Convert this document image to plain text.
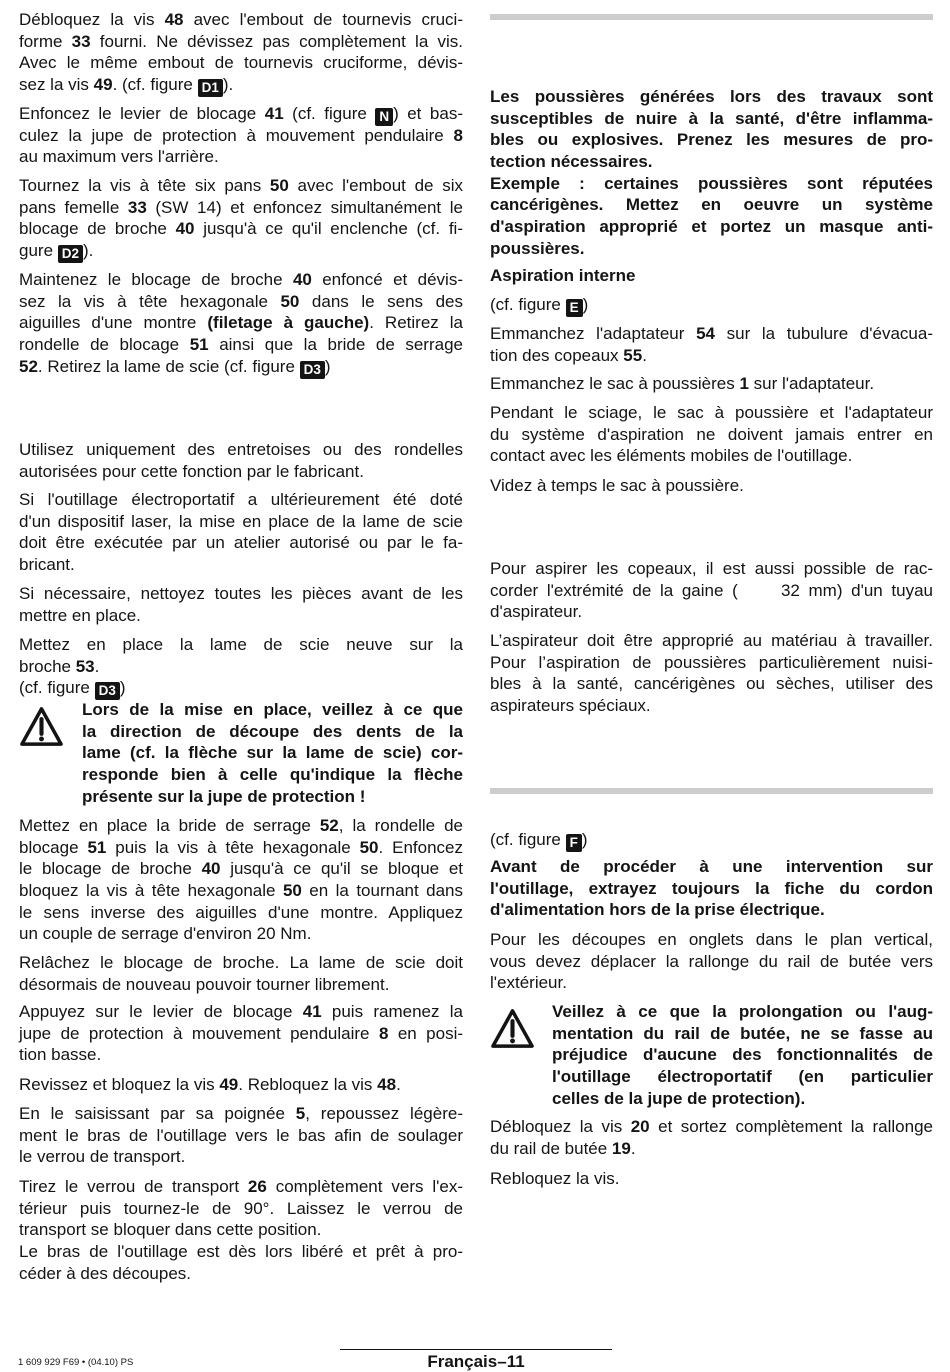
Débloquez la vis 48 avec l'embout de tournevis cruci-
forme 33 fourni. Ne dévissez pas complètement la vis.
Avec le même embout de tournevis cruciforme, dévis-
sez la vis 49. (cf. figure D1 ).
Enfoncez le levier de blocage 41 (cf. figure N ) et bas-
culez la jupe de protection à mouvement pendulaire 8
au maximum vers l'arrière.
Tournez la vis à tête six pans 50 avec l'embout de six
pans femelle 33 (SW 14) et enfoncez simultanément le
blocage de broche 40 jusqu'à ce qu'il enclenche (cf. fi-
gure D2 ).
Maintenez le blocage de broche 40 enfoncé et dévis-
sez la vis à tête hexagonale 50 dans le sens des
aiguilles d'une montre (filetage à gauche). Retirez la
rondelle de blocage 51 ainsi que la bride de serrage
52. Retirez la lame de scie (cf. figure D3 )
Utilisez uniquement des entretoises ou des rondelles
autorisées pour cette fonction par le fabricant.
Si l'outillage électroportatif a ultérieurement été doté
d'un dispositif laser, la mise en place de la lame de scie
doit être exécutée par un atelier autorisé ou par le fa-
bricant.
Si nécessaire, nettoyez toutes les pièces avant de les
mettre en place.
Mettez en place la lame de scie neuve sur la
broche 53.
(cf. figure D3 )
Lors de la mise en place, veillez à ce que
la direction de découpe des dents de la
lame (cf. la flèche sur la lame de scie) cor-
responde bien à celle qu'indique la flèche
présente sur la jupe de protection !
Mettez en place la bride de serrage 52, la rondelle de
blocage 51 puis la vis à tête hexagonale 50. Enfoncez
le blocage de broche 40 jusqu'à ce qu'il se bloque et
bloquez la vis à tête hexagonale 50 en la tournant dans
le sens inverse des aiguilles d'une montre. Appliquez
un couple de serrage d'environ 20 Nm.
Relâchez le blocage de broche. La lame de scie doit
désormais de nouveau pouvoir tourner librement.
Appuyez sur le levier de blocage 41 puis ramenez la
jupe de protection à mouvement pendulaire 8 en posi-
tion basse.
Revissez et bloquez la vis 49. Rebloquez la vis 48.
En le saisissant par sa poignée 5, repoussez légère-
ment le bras de l'outillage vers le bas afin de soulager
le verrou de transport.
Tirez le verrou de transport 26 complètement vers l'ex-
térieur puis tournez-le de 90°. Laissez le verrou de
transport se bloquer dans cette position.
Le bras de l'outillage est dès lors libéré et prêt à pro-
céder à des découpes.
Les poussières générées lors des travaux sont
susceptibles de nuire à la santé, d'être inflamma-
bles ou explosives. Prenez les mesures de pro-
tection nécessaires.
Exemple : certaines poussières sont réputées
cancérigènes. Mettez en oeuvre un système
d'aspiration approprié et portez un masque anti-
poussières.
Aspiration interne
(cf. figure E )
Emmanchez l'adaptateur 54 sur la tubulure d'évacua-
tion des copeaux 55.
Emmanchez le sac à poussières 1 sur l'adaptateur.
Pendant le sciage, le sac à poussière et l'adaptateur
du système d'aspiration ne doivent jamais entrer en
contact avec les éléments mobiles de l'outillage.
Videz à temps le sac à poussière.
Pour aspirer les copeaux, il est aussi possible de rac-
corder l'extrémité de la gaine (     32 mm) d'un tuyau
d'aspirateur.
L’aspirateur doit être approprié au matériau à travailler.
Pour l’aspiration de poussières particulièrement nuisi-
bles à la santé, cancérigènes ou sèches, utiliser des
aspirateurs spéciaux.
(cf. figure F )
Avant de procéder à une intervention sur
l'outillage, extrayez toujours la fiche du cordon
d'alimentation hors de la prise électrique.
Pour les découpes en onglets dans le plan vertical,
vous devez déplacer la rallonge du rail de butée vers
l'extérieur.
Veillez à ce que la prolongation ou l'aug-
mentation du rail de butée, ne se fasse au
préjudice d'aucune des fonctionnalités de
l'outillage électroportatif (en particulier
celles de la jupe de protection).
Débloquez la vis 20 et sortez complètement la rallonge
du rail de butée 19.
Rebloquez la vis.
Français–11
1 609 929 F69 • (04.10) PS
